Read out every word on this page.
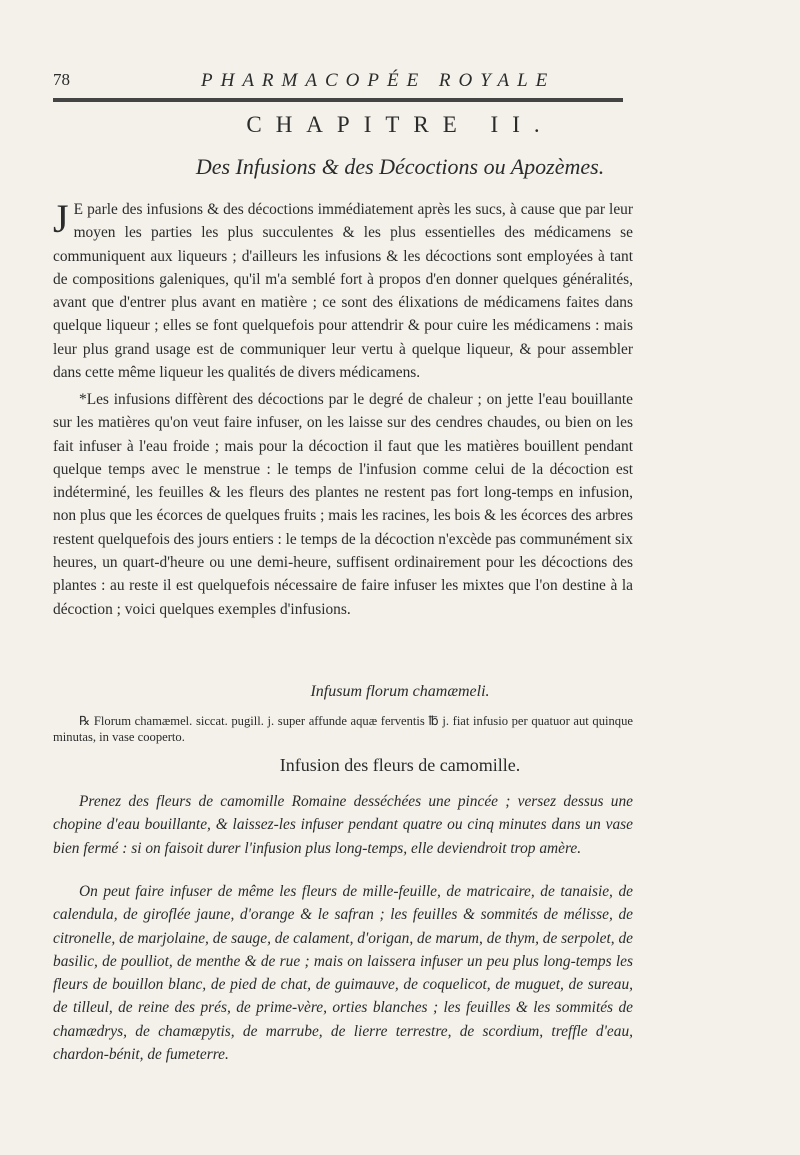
78	PHARMACOPÉE ROYALE
CHAPITRE II.
Des Infusions & des Décoctions ou Apozèmes.

J E parle des infusions & des décoctions immédiatement après les sucs, à cause que par leur moyen les parties les plus succulentes & les plus essentielles des médicamens se communiquent aux liqueurs ; d'ailleurs les infusions & les décoctions sont employées à tant de compositions galeniques, qu'il m'a semblé fort à propos d'en donner quelques généralités, avant que d'entrer plus avant en matière ; ce sont des élixations de médicamens faites dans quelque liqueur ; elles se font quelquefois pour attendrir & pour cuire les médicamens : mais leur plus grand usage est de communiquer leur vertu à quelque liqueur, & pour assembler dans cette même liqueur les qualités de divers médicamens.

*Les infusions diffèrent des décoctions par le degré de chaleur ; on jette l'eau bouillante sur les matières qu'on veut faire infuser, on les laisse sur des cendres chaudes, ou bien on les fait infuser à l'eau froide ; mais pour la décoction il faut que les matières bouillent pendant quelque temps avec le menstrue : le temps de l'infusion comme celui de la décoction est indéterminé, les feuilles & les fleurs des plantes ne restent pas fort long-temps en infusion, non plus que les écorces de quelques fruits ; mais les racines, les bois & les écorces des arbres restent quelquefois des jours entiers : le temps de la décoction n'excède pas communément six heures, un quart-d'heure ou une demi-heure, suffisent ordinairement pour les décoctions des plantes : au reste il est quelquefois nécessaire de faire infuser les mixtes que l'on destine à la décoction ; voici quelques exemples d'infusions.

Infusum florum chamæmeli.

℞ Florum chamæmel. siccat. pugill. j. super affunde aquæ ferventis ℔ j. fiat infusio per quatuor aut quinque minutas, in vase cooperto.

Infusion des fleurs de camomille.

Prenez des fleurs de camomille Romaine desséchées une pincée ; versez dessus une chopine d'eau bouillante, & laissez-les infuser pendant quatre ou cinq minutes dans un vase bien fermé : si on faisoit durer l'infusion plus long-temps, elle deviendroit trop amère.

On peut faire infuser de même les fleurs de mille-feuille, de matricaire, de tanaisie, de calendula, de giroflée jaune, d'orange & le safran ; les feuilles & sommités de mélisse, de citronelle, de marjolaine, de sauge, de calament, d'origan, de marum, de thym, de serpolet, de basilic, de poulliot, de menthe & de rue ; mais on laissera infuser un peu plus long-temps les fleurs de bouillon blanc, de pied de chat, de guimauve, de coquelicot, de muguet, de sureau, de tilleul, de reine des prés, de prime-vère, orties blanches ; les feuilles & les sommités de chamædrys, de chamæpytis, de marrube, de lierre terrestre, de scordium, treffle d'eau, chardon-bénit, de fumeterre.
